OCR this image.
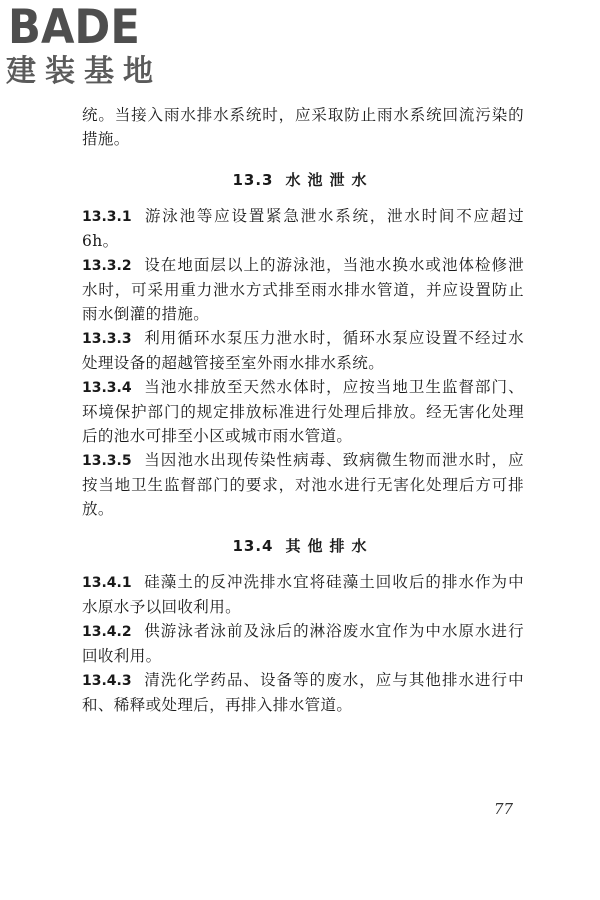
BADE
建装基地

统。当接入雨水排水系统时，应采取防止雨水系统回流污染的措施。

13.3 水池泄水

13.3.1 游泳池等应设置紧急泄水系统，泄水时间不应超过 6h。

13.3.2 设在地面层以上的游泳池，当池水换水或池体检修泄水时，可采用重力泄水方式排至雨水排水管道，并应设置防止雨水倒灌的措施。

13.3.3 利用循环水泵压力泄水时，循环水泵应设置不经过水处理设备的超越管接至室外雨水排水系统。

13.3.4 当池水排放至天然水体时，应按当地卫生监督部门、环境保护部门的规定排放标准进行处理后排放。经无害化处理后的池水可排至小区或城市雨水管道。

13.3.5 当因池水出现传染性病毒、致病微生物而泄水时，应按当地卫生监督部门的要求，对池水进行无害化处理后方可排放。

13.4 其他排水

13.4.1 硅藻土的反冲洗排水宜将硅藻土回收后的排水作为中水原水予以回收利用。

13.4.2 供游泳者泳前及泳后的淋浴废水宜作为中水原水进行回收利用。

13.4.3 清洗化学药品、设备等的废水，应与其他排水进行中和、稀释或处理后，再排入排水管道。

77
